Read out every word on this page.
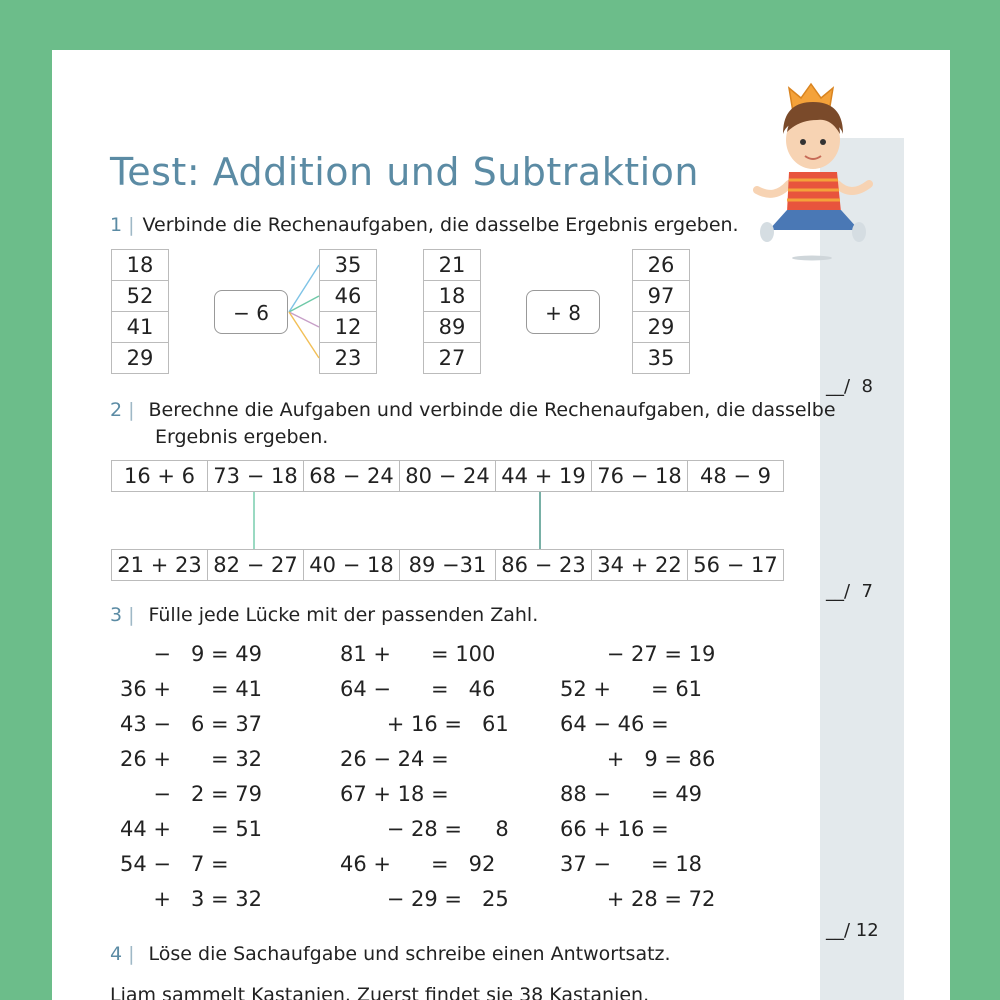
__/  8
__/  7
__/ 12
Test: Addition und Subtraktion
1 | Verbinde die Rechenaufgaben, die dasselbe Ergebnis ergeben.
18
52
41
29
− 6
35
46
12
23
21
18
89
27
+ 8
26
97
29
35
2 | Berechne die Aufgaben und verbinde die Rechenaufgaben, die dasselbe
Ergebnis ergeben.
16 + 6 73 − 18 68 − 24 80 − 24 44 + 19 76 − 18 48 − 9
21 + 23 82 − 27 40 − 18 89 −31 86 − 23 34 + 22 56 − 17
3 | Fülle jede Lücke mit der passenden Zahl.
−   9 = 49
36 +      = 41
43 −   6 = 37
26 +      = 32
−   2 = 79
44 +      = 51
54 −   7 =
+   3 = 32
81 +      = 100
64 −      =   46
+ 16 =   61
26 − 24 =
67 + 18 =
− 28 =     8
46 +      =   92
− 29 =   25
− 27 = 19
52 +      = 61
64 − 46 =
+   9 = 86
88 −      = 49
66 + 16 =
37 −      = 18
+ 28 = 72
4 | Löse die Sachaufgabe und schreibe einen Antwortsatz.
Liam sammelt Kastanien. Zuerst findet sie 38 Kastanien.
